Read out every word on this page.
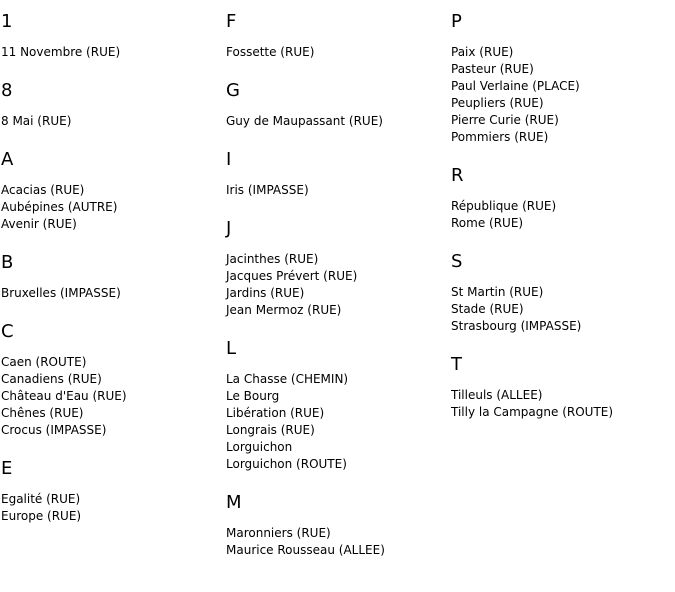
1
11 Novembre (RUE)
8
8 Mai (RUE)
A
Acacias (RUE)
Aubépines (AUTRE)
Avenir (RUE)
B
Bruxelles (IMPASSE)
C
Caen (ROUTE)
Canadiens (RUE)
Château d'Eau (RUE)
Chênes (RUE)
Crocus (IMPASSE)
E
Egalité (RUE)
Europe (RUE)
F
Fossette (RUE)
G
Guy de Maupassant (RUE)
I
Iris (IMPASSE)
J
Jacinthes (RUE)
Jacques Prévert (RUE)
Jardins (RUE)
Jean Mermoz (RUE)
L
La Chasse (CHEMIN)
Le Bourg
Libération (RUE)
Longrais (RUE)
Lorguichon
Lorguichon (ROUTE)
M
Maronniers (RUE)
Maurice Rousseau (ALLEE)
P
Paix (RUE)
Pasteur (RUE)
Paul Verlaine (PLACE)
Peupliers (RUE)
Pierre Curie (RUE)
Pommiers (RUE)
R
République (RUE)
Rome (RUE)
S
St Martin (RUE)
Stade (RUE)
Strasbourg (IMPASSE)
T
Tilleuls (ALLEE)
Tilly la Campagne (ROUTE)
